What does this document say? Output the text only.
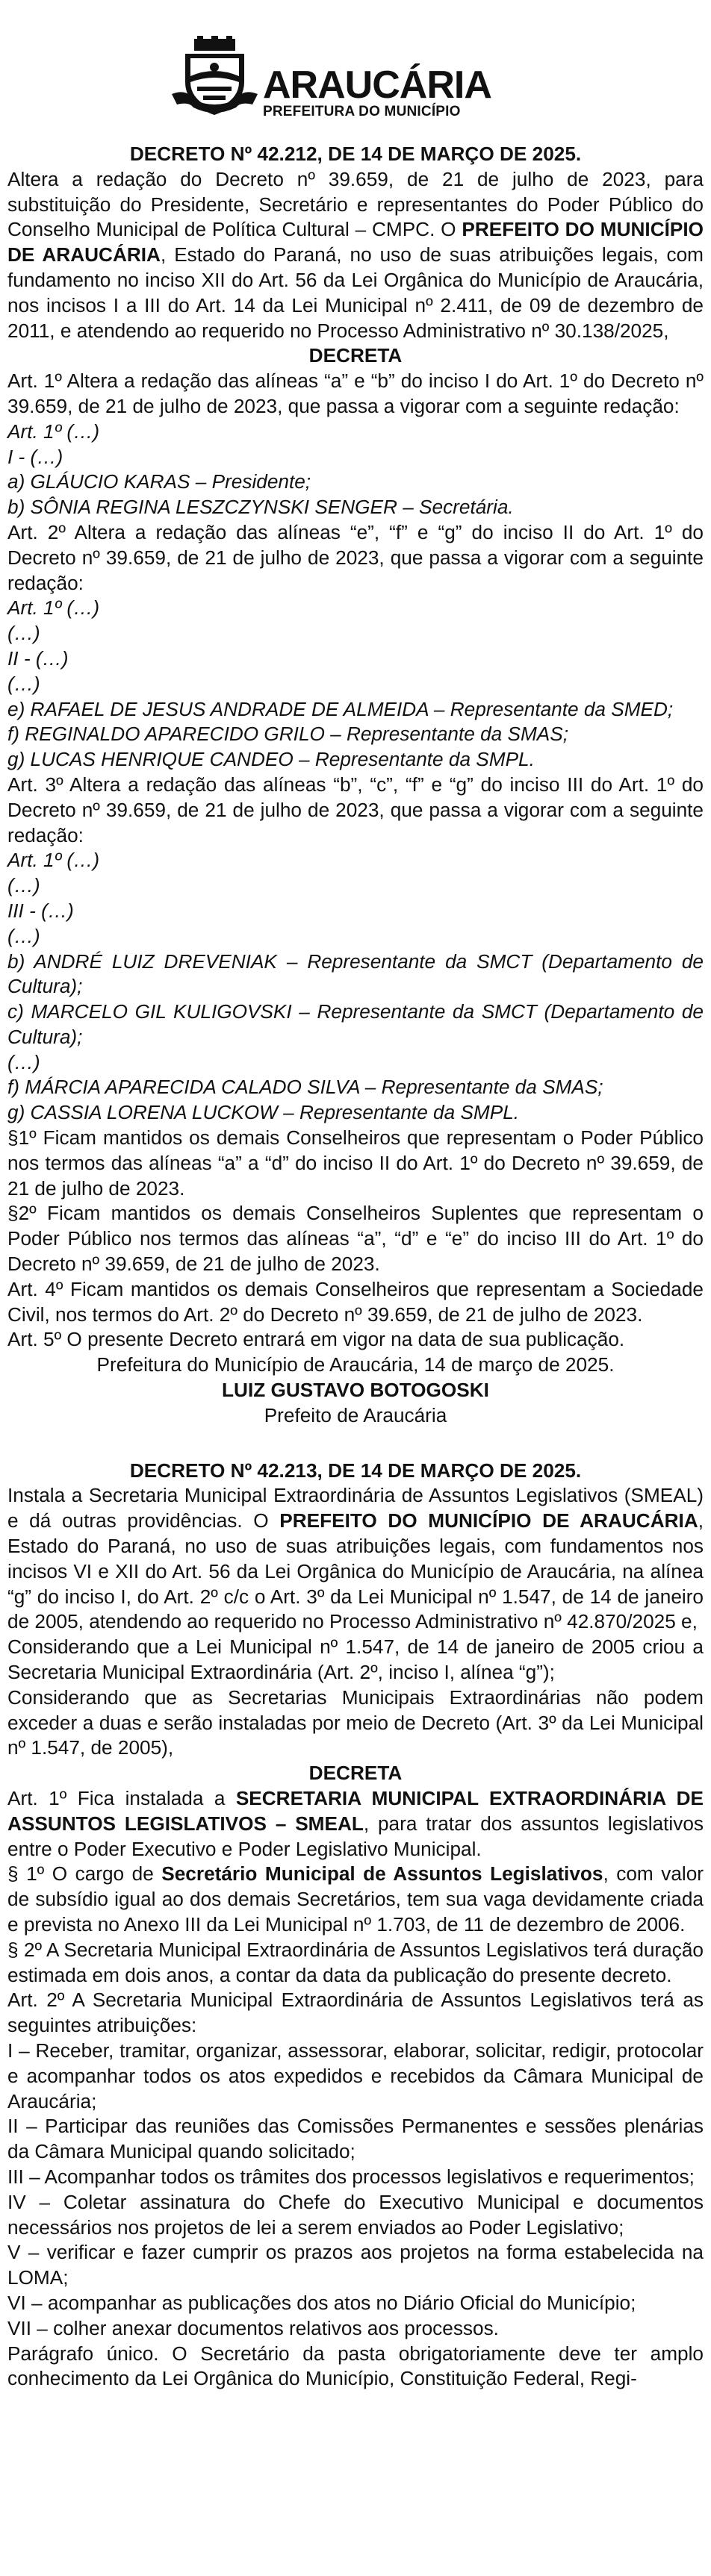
ARAUCÁRIA
PREFEITURA DO MUNICÍPIO

DECRETO Nº 42.212, DE 14 DE MARÇO DE 2025.

Altera a redação do Decreto nº 39.659, de 21 de julho de 2023, para substituição do Presidente, Secretário e representantes do Poder Público do Conselho Municipal de Política Cultural – CMPC. O PREFEITO DO MUNICÍPIO DE ARAUCÁRIA, Estado do Paraná, no uso de suas atribuições legais, com fundamento no inciso XII do Art. 56 da Lei Orgânica do Município de Araucária, nos incisos I a III do Art. 14 da Lei Municipal nº 2.411, de 09 de dezembro de 2011, e atendendo ao requerido no Processo Administrativo nº 30.138/2025,

DECRETA

Art. 1º Altera a redação das alíneas “a” e “b” do inciso I do Art. 1º do Decreto nº 39.659, de 21 de julho de 2023, que passa a vigorar com a seguinte redação:

Art. 1º (…)

I - (…)

a) GLÁUCIO KARAS – Presidente;

b) SÔNIA REGINA LESZCZYNSKI SENGER – Secretária.

Art. 2º Altera a redação das alíneas “e”, “f” e “g” do inciso II do Art. 1º do Decreto nº 39.659, de 21 de julho de 2023, que passa a vigorar com a seguinte redação:

Art. 1º (…)

(…)

II - (…)

(…)

e) RAFAEL DE JESUS ANDRADE DE ALMEIDA – Representante da SMED;

f) REGINALDO APARECIDO GRILO – Representante da SMAS;

g) LUCAS HENRIQUE CANDEO – Representante da SMPL.

Art. 3º Altera a redação das alíneas “b”, “c”, “f” e “g” do inciso III do Art. 1º do Decreto nº 39.659, de 21 de julho de 2023, que passa a vigorar com a seguinte redação:

Art. 1º (…)

(…)

III - (…)

(…)

b) ANDRÉ LUIZ DREVENIAK – Representante da SMCT (Departamento de Cultura);

c) MARCELO GIL KULIGOVSKI – Representante da SMCT (Departamento de Cultura);

(…)

f) MÁRCIA APARECIDA CALADO SILVA – Representante da SMAS;

g) CASSIA LORENA LUCKOW – Representante da SMPL.

§1º Ficam mantidos os demais Conselheiros que representam o Poder Público nos termos das alíneas “a” a “d” do inciso II do Art. 1º do Decreto nº 39.659, de 21 de julho de 2023.

§2º Ficam mantidos os demais Conselheiros Suplentes que representam o Poder Público nos termos das alíneas “a”, “d” e “e” do inciso III do Art. 1º do Decreto nº 39.659, de 21 de julho de 2023.

Art. 4º Ficam mantidos os demais Conselheiros que representam a Sociedade Civil, nos termos do Art. 2º do Decreto nº 39.659, de 21 de julho de 2023.

Art. 5º O presente Decreto entrará em vigor na data de sua publicação.

Prefeitura do Município de Araucária, 14 de março de 2025.

LUIZ GUSTAVO BOTOGOSKI

Prefeito de Araucária

DECRETO Nº 42.213, DE 14 DE MARÇO DE 2025.

Instala a Secretaria Municipal Extraordinária de Assuntos Legislativos (SMEAL) e dá outras providências. O PREFEITO DO MUNICÍPIO DE ARAUCÁRIA, Estado do Paraná, no uso de suas atribuições legais, com fundamentos nos incisos VI e XII do Art. 56 da Lei Orgânica do Município de Araucária, na alínea “g” do inciso I, do Art. 2º c/c o Art. 3º da Lei Municipal nº 1.547, de 14 de janeiro de 2005, atendendo ao requerido no Processo Administrativo nº 42.870/2025 e,

Considerando que a Lei Municipal nº 1.547, de 14 de janeiro de 2005 criou a Secretaria Municipal Extraordinária (Art. 2º, inciso I, alínea “g”);

Considerando que as Secretarias Municipais Extraordinárias não podem exceder a duas e serão instaladas por meio de Decreto (Art. 3º da Lei Municipal nº 1.547, de 2005),

DECRETA

Art. 1º Fica instalada a SECRETARIA MUNICIPAL EXTRAORDINÁRIA DE ASSUNTOS LEGISLATIVOS – SMEAL, para tratar dos assuntos legislativos entre o Poder Executivo e Poder Legislativo Municipal.

§ 1º O cargo de Secretário Municipal de Assuntos Legislativos, com valor de subsídio igual ao dos demais Secretários, tem sua vaga devidamente criada e prevista no Anexo III da Lei Municipal nº 1.703, de 11 de dezembro de 2006.

§ 2º A Secretaria Municipal Extraordinária de Assuntos Legislativos terá duração estimada em dois anos, a contar da data da publicação do presente decreto.

Art. 2º A Secretaria Municipal Extraordinária de Assuntos Legislativos terá as seguintes atribuições:

I – Receber, tramitar, organizar, assessorar, elaborar, solicitar, redigir, protocolar e acompanhar todos os atos expedidos e recebidos da Câmara Municipal de Araucária;

II – Participar das reuniões das Comissões Permanentes e sessões plenárias da Câmara Municipal quando solicitado;

III – Acompanhar todos os trâmites dos processos legislativos e requerimentos;

IV – Coletar assinatura do Chefe do Executivo Municipal e documentos necessários nos projetos de lei a serem enviados ao Poder Legislativo;

V – verificar e fazer cumprir os prazos aos projetos na forma estabelecida na LOMA;

VI – acompanhar as publicações dos atos no Diário Oficial do Município;

VII – colher anexar documentos relativos aos processos.

Parágrafo único. O Secretário da pasta obrigatoriamente deve ter amplo conhecimento da Lei Orgânica do Município, Constituição Federal, Regi-
